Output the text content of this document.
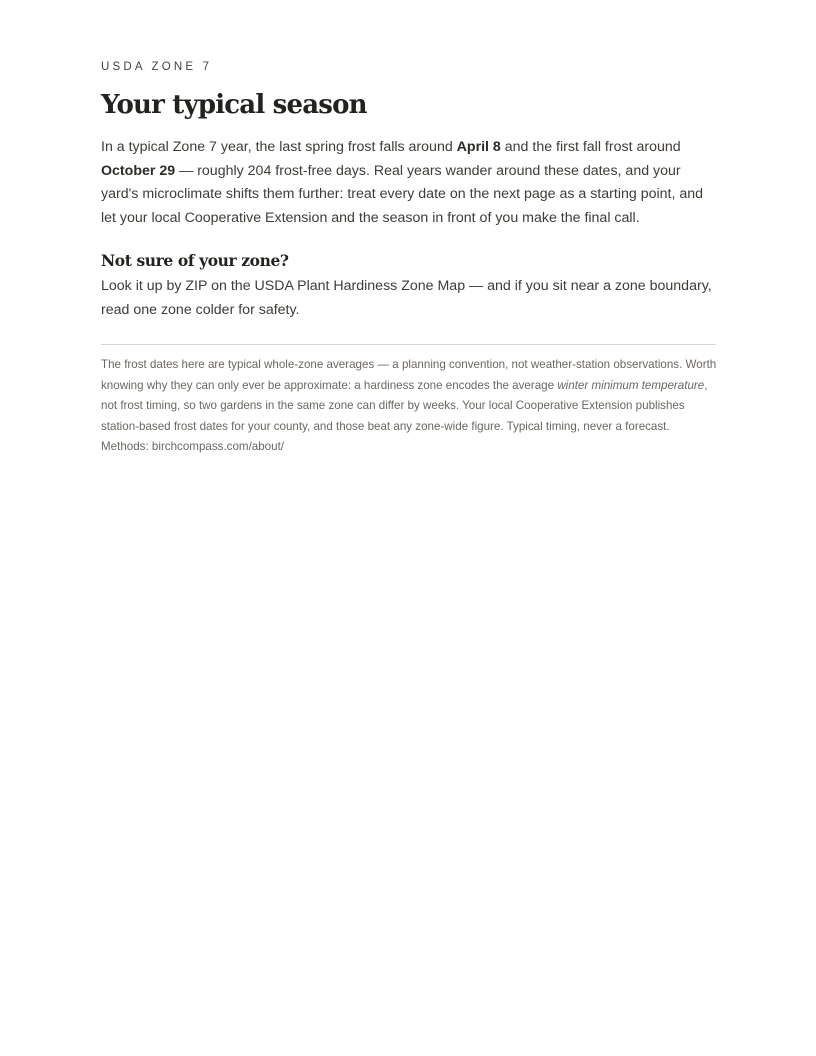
USDA ZONE 7

Your typical season

In a typical Zone 7 year, the last spring frost falls around April 8 and the first fall frost around October 29 — roughly 204 frost-free days. Real years wander around these dates, and your yard's microclimate shifts them further: treat every date on the next page as a starting point, and let your local Cooperative Extension and the season in front of you make the final call.

Not sure of your zone?

Look it up by ZIP on the USDA Plant Hardiness Zone Map — and if you sit near a zone boundary, read one zone colder for safety.

The frost dates here are typical whole-zone averages — a planning convention, not weather-station observations. Worth knowing why they can only ever be approximate: a hardiness zone encodes the average winter minimum temperature, not frost timing, so two gardens in the same zone can differ by weeks. Your local Cooperative Extension publishes station-based frost dates for your county, and those beat any zone-wide figure. Typical timing, never a forecast. Methods: birchcompass.com/about/
